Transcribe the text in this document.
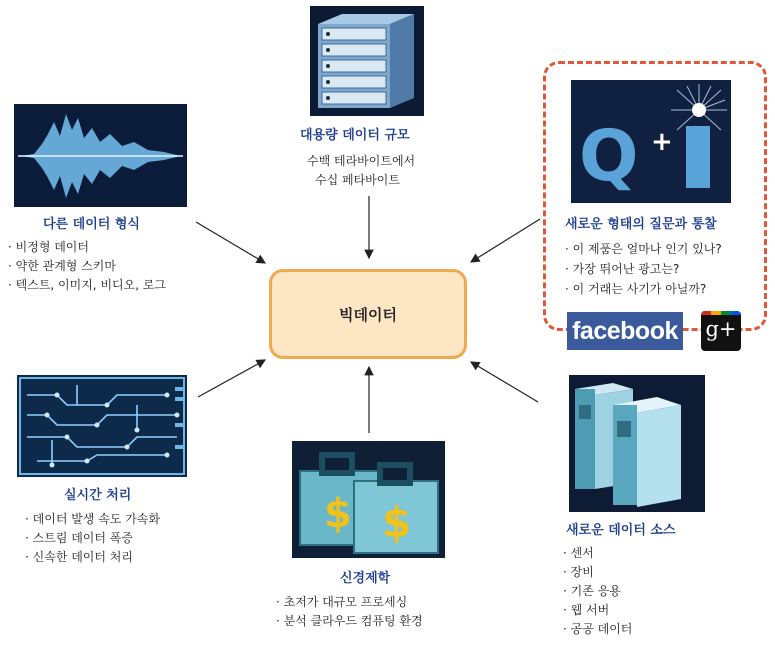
빅데이터
대용량 데이터 규모
수백 테라바이트에서
수십 페타바이트
다른 데이터 형식
· 비정형 데이터
· 약한 관계형 스키마
· 텍스트, 이미지, 비디오, 로그
Q +
새로운 형태의 질문과 통찰
· 이 제품은 얼마나 인기 있나?
· 가장 뛰어난 광고는?
· 이 거래는 사기가 아닐까?
facebook g+
실시간 처리
· 데이터 발생 속도 가속화
· 스트림 데이터 폭증
· 신속한 데이터 처리
$ $
신경제학
· 초저가 대규모 프로세싱
· 분석 클라우드 컴퓨팅 환경
새로운 데이터 소스
· 센서
· 장비
· 기존 응용
· 웹 서버
· 공공 데이터
